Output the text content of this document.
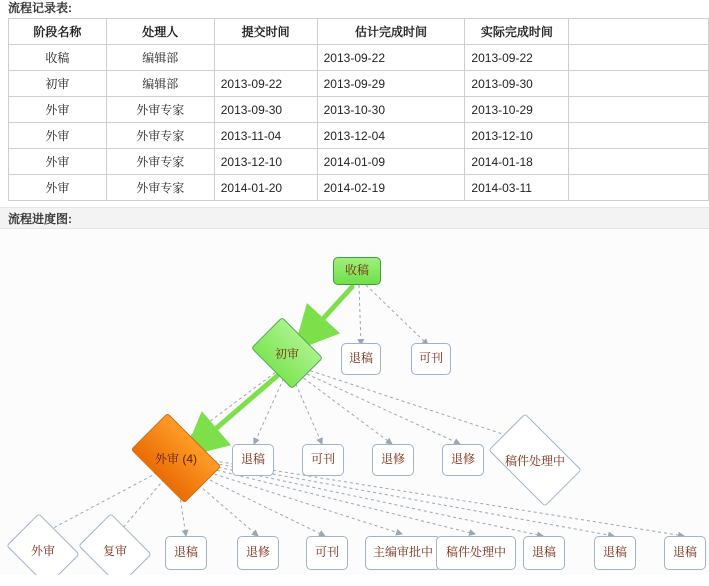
流程记录表:
阶段名称	处理人	提交时间	估计完成时间	实际完成时间	
收稿	编辑部		2013-09-22	2013-09-22	
初审	编辑部	2013-09-22	2013-09-29	2013-09-30	
外审	外审专家	2013-09-30	2013-10-30	2013-10-29	
外审	外审专家	2013-11-04	2013-12-04	2013-12-10	
外审	外审专家	2013-12-10	2014-01-09	2014-01-18	
外审	外审专家	2014-01-20	2014-02-19	2014-03-11	
流程进度图:
收稿
初审	退稿	可刊
外审 (4)	退稿	可刊	退修	退修	稿件处理中
外审	复审	退稿	退修	可刊	主编审批中 稿件处理中 退稿	退稿	退稿
